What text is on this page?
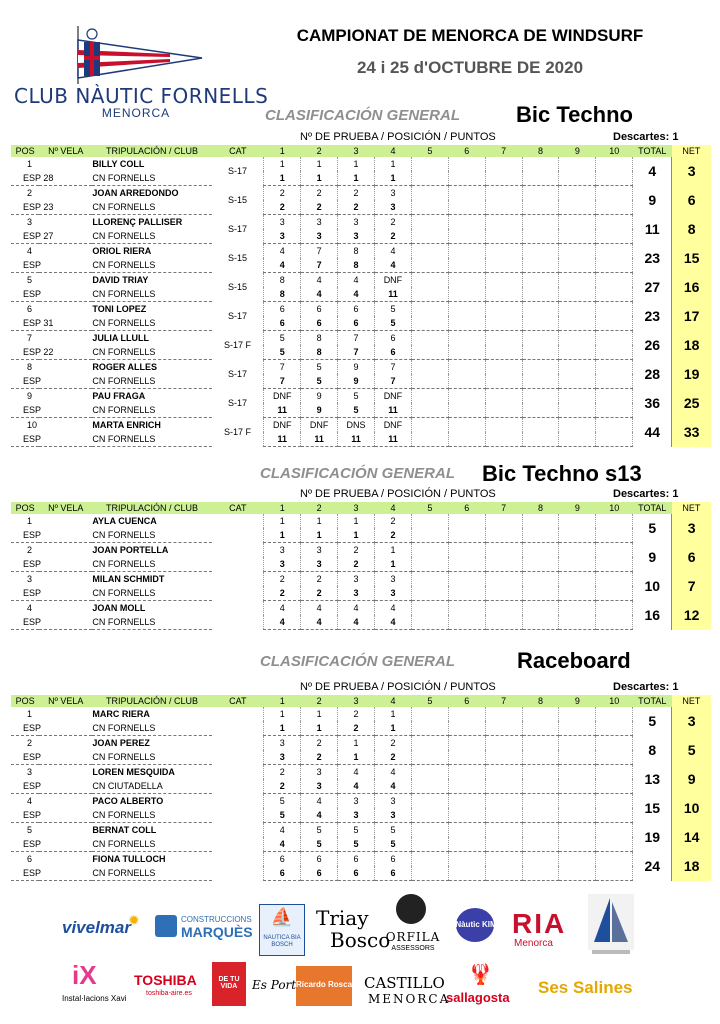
CLUB NÀUTIC FORNELLS
MENORCA
CAMPIONAT DE MENORCA DE WINDSURF
24 i 25 d'OCTUBRE DE 2020
CLASIFICACIÓN GENERAL	Bic Techno
Nº DE PRUEBA / POSICIÓN / PUNTOS	Descartes: 1
POS	Nº VELA	TRIPULACIÓN / CLUB	CAT	1	2	3	4	5	6	7	8	9	10	TOTAL	NET
1		BILLY COLL	S-17	1	1	1	1							4	3
ESP 28		CN FORNELLS		1	1	1	1								
2		JOAN ARREDONDO	S-15	2	2	2	3							9	6
ESP 23		CN FORNELLS		2	2	2	3								
3		LLORENÇ PALLISER	S-17	3	3	3	2							11	8
ESP 27		CN FORNELLS		3	3	3	2								
4		ORIOL RIERA	S-15	4	7	8	4							23	15
ESP		CN FORNELLS		4	7	8	4								
5		DAVID TRIAY	S-15	8	4	4	DNF							27	16
ESP		CN FORNELLS		8	4	4	11								
6		TONI LOPEZ	S-17	6	6	6	5							23	17
ESP 31		CN FORNELLS		6	6	6	5								
7		JULIA LLULL	S-17 F	5	8	7	6							26	18
ESP 22		CN FORNELLS		5	8	7	6								
8		ROGER ALLES	S-17	7	5	9	7							28	19
ESP		CN FORNELLS		7	5	9	7								
9		PAU FRAGA	S-17	DNF	9	5	DNF							36	25
ESP		CN FORNELLS		11	9	5	11								
10		MARTA ENRICH	S-17 F	DNF	DNF	DNS	DNF							44	33
ESP		CN FORNELLS		11	11	11	11								
CLASIFICACIÓN GENERAL Bic Techno s13
Nº DE PRUEBA / POSICIÓN / PUNTOS	Descartes: 1
POS	Nº VELA	TRIPULACIÓN / CLUB	CAT	1	2	3	4	5	6	7	8	9	10	TOTAL	NET
1		AYLA CUENCA		1	1	1	2							5	3
ESP		CN FORNELLS		1	1	1	2								
2		JOAN PORTELLA		3	3	2	1							9	6
ESP		CN FORNELLS		3	3	2	1								
3		MILAN SCHMIDT		2	2	3	3							10	7
ESP		CN FORNELLS		2	2	3	3								
4		JOAN MOLL		4	4	4	4							16	12
ESP		CN FORNELLS		4	4	4	4								
CLASIFICACIÓN GENERAL	Raceboard
Nº DE PRUEBA / POSICIÓN / PUNTOS	Descartes: 1
POS	Nº VELA	TRIPULACIÓN / CLUB	CAT	1	2	3	4	5	6	7	8	9	10	TOTAL	NET
1		MARC RIERA		1	1	2	1							5	3
ESP		CN FORNELLS		1	1	2	1								
2		JOAN PEREZ		3	2	1	2							8	5
ESP		CN FORNELLS		3	2	1	2								
3		LOREN MESQUIDA		2	3	4	4							13	9
ESP		CN CIUTADELLA		2	3	4	4								
4		PACO ALBERTO		5	4	3	3							15	10
ESP		CN FORNELLS		5	4	3	3								
5		BERNAT COLL		4	5	5	5							19	14
ESP		CN FORNELLS		4	5	5	5								
6		FIONA TULLOCH		6	6	6	6							24	18
ESP		CN FORNELLS		6	6	6	6								
vivelmar
✹	CONSTRUCCIONS
MARQUÈS
⛵
NAUTICA BIA BOSCH
Triay
Bosco
ORFILA
ASSESSORS
Nàutic KIM RIA
Menorca
iX
Instal·lacions Xavi
TOSHIBA
toshiba-aire.es
DE TU VIDA	Es Port Ricardo Rosca CASTILLO
MENORCA
🦞
sallagosta
Ses Salines
